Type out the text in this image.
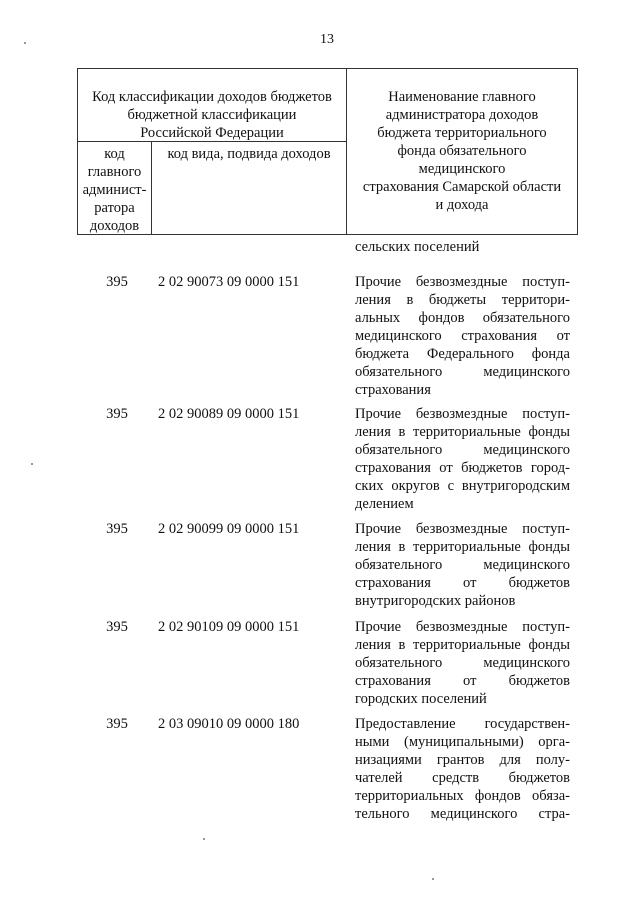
13
Код классификации доходов бюджетов
бюджетной классификации
Российской Федерации
код
главного
админист-
ратора
доходов
код вида, подвида доходов
Наименование главного
администратора доходов
бюджета территориального
фонда обязательного
медицинского
страхования Самарской области
и дохода
сельских поселений
395	2 02 90073 09 0000 151	Прочие безвозмездные поступ-
ления в бюджеты территори-
альных фондов обязательного
медицинского страхования от
бюджета Федерального фонда
обязательного медицинского
страхования
395	2 02 90089 09 0000 151	Прочие безвозмездные поступ-
ления в территориальные фонды
обязательного медицинского
страхования от бюджетов город-
ских округов с внутригородским
делением
395	2 02 90099 09 0000 151	Прочие безвозмездные поступ-
ления в территориальные фонды
обязательного медицинского
страхования от бюджетов
внутригородских районов
395	2 02 90109 09 0000 151	Прочие безвозмездные поступ-
ления в территориальные фонды
обязательного медицинского
страхования от бюджетов
городских поселений
395	2 03 09010 09 0000 180	Предоставление государствен-
ными (муниципальными) орга-
низациями грантов для полу-
чателей средств бюджетов
территориальных фондов обяза-
тельного медицинского стра-
